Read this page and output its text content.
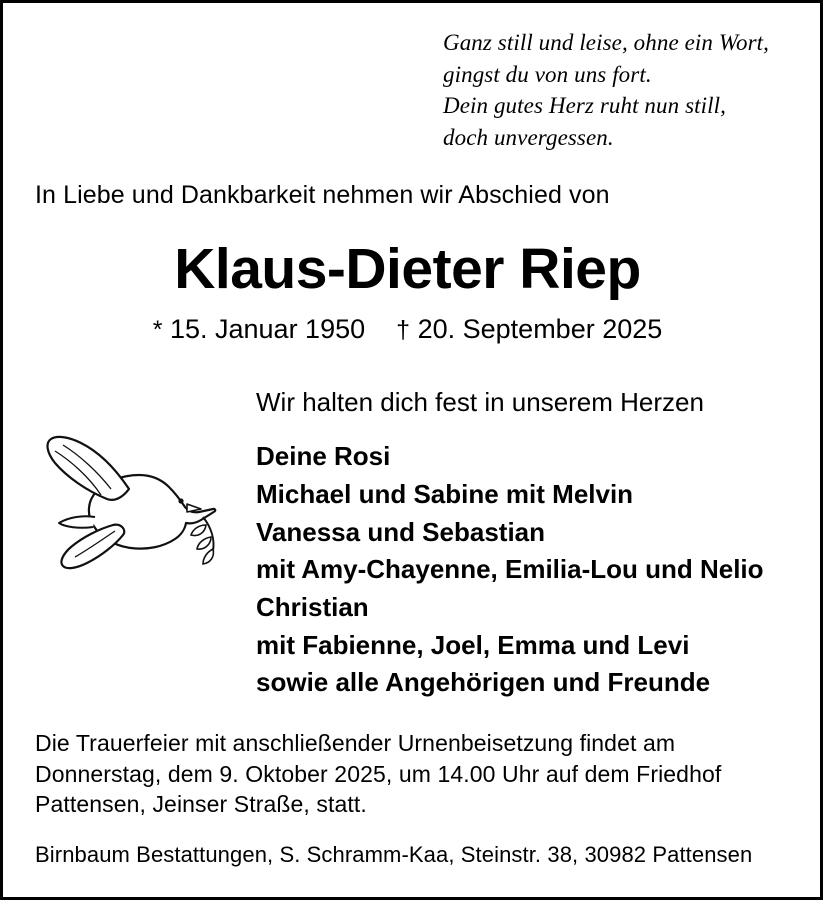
Ganz still und leise, ohne ein Wort,
gingst du von uns fort.
Dein gutes Herz ruht nun still,
doch unvergessen.
In Liebe und Dankbarkeit nehmen wir Abschied von
Klaus-Dieter Riep
* 15. Januar 1950 † 20. September 2025
Wir halten dich fest in unserem Herzen
Deine Rosi
Michael und Sabine mit Melvin
Vanessa und Sebastian
mit Amy-Chayenne, Emilia-Lou und Nelio
Christian
mit Fabienne, Joel, Emma und Levi
sowie alle Angehörigen und Freunde
Die Trauerfeier mit anschließender Urnenbeisetzung findet am
Donnerstag, dem 9. Oktober 2025, um 14.00 Uhr auf dem Friedhof
Pattensen, Jeinser Straße, statt.
Birnbaum Bestattungen, S. Schramm-Kaa, Steinstr. 38, 30982 Pattensen
